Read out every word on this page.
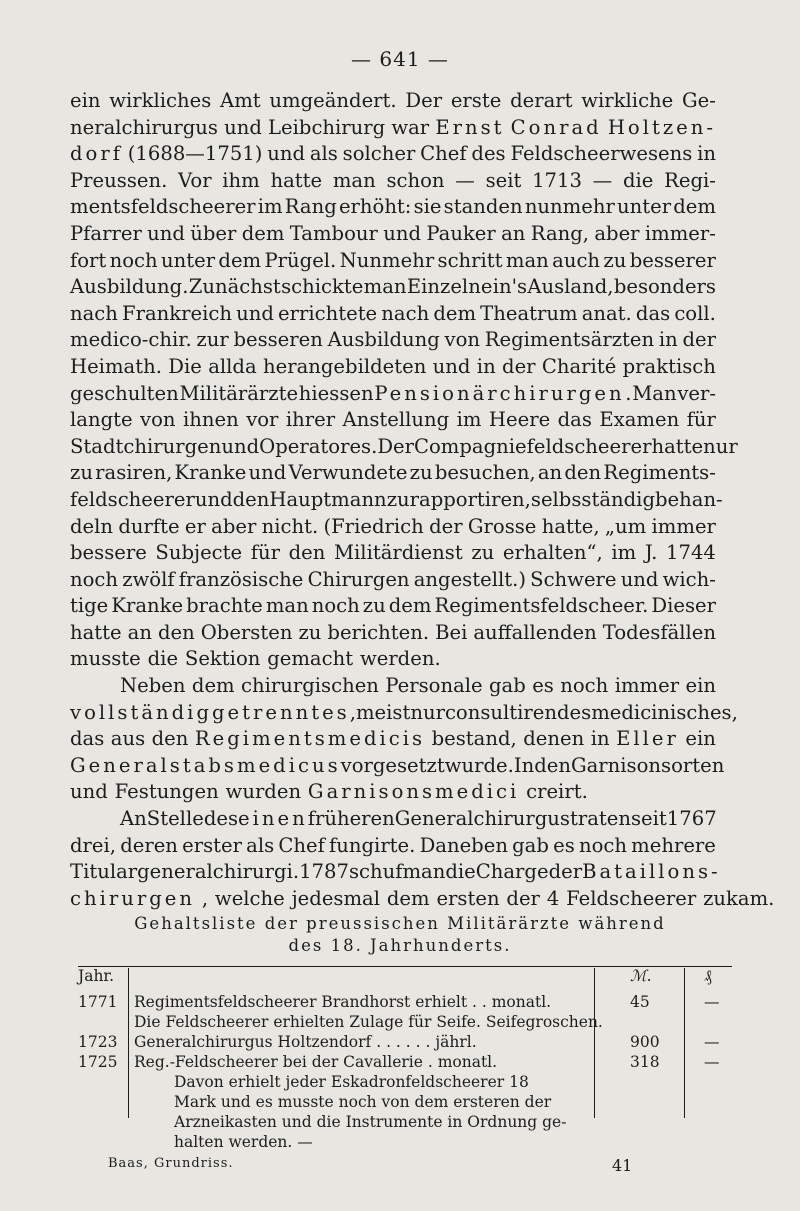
— 641 —
ein wirkliches Amt umgeändert. Der erste derart wirkliche Ge-
neralchirurgus und Leibchirurg war Ernst Conrad Holtzen-
dorf (1688—1751) und als solcher Chef des Feldscheerwesens in
Preussen. Vor ihm hatte man schon — seit 1713 — die Regi-
mentsfeldscheerer im Rang erhöht: sie standen nunmehr unter dem
Pfarrer und über dem Tambour und Pauker an Rang, aber immer-
fort noch unter dem Prügel. Nunmehr schritt man auch zu besserer
Ausbildung. Zunächst schickte man Einzelne in's Ausland, besonders
nach Frankreich und errichtete nach dem Theatrum anat. das coll.
medico-chir. zur besseren Ausbildung von Regimentsärzten in der
Heimath. Die allda herangebildeten und in der Charité praktisch
geschulten Militärärzte hiessen Pensionärchirurgen . Man ver-
langte von ihnen vor ihrer Anstellung im Heere das Examen für
Stadtchirurgen und Operatores. Der Compagniefeldscheerer hatte nur
zu rasiren, Kranke und Verwundete zu besuchen, an den Regiments-
feldscheerer und den Hauptmann zu rapportiren, selbsständig behan-
deln durfte er aber nicht. (Friedrich der Grosse hatte, „um immer
bessere Subjecte für den Militärdienst zu erhalten“, im J. 1744
noch zwölf französische Chirurgen angestellt.) Schwere und wich-
tige Kranke brachte man noch zu dem Regimentsfeldscheer. Dieser
hatte an den Obersten zu berichten. Bei auffallenden Todesfällen
musste die Sektion gemacht werden.
Neben dem chirurgischen Personale gab es noch immer ein
vollständig getrenntes , meist nur consultirendes medicinisches,
das aus den Regimentsmedicis bestand, denen in Eller ein
Generalstabsmedicus vorgesetzt wurde. In den Garnisonsorten
und Festungen wurden Garnisonsmedici creirt.
An Stelle des einen früheren Generalchirurgus traten seit 1767
drei, deren erster als Chef fungirte. Daneben gab es noch mehrere
Titulargeneralchirurgi. 1787 schuf man die Charge der Bataillons-
chirurgen , welche jedesmal dem ersten der 4 Feldscheerer zukam.
Gehaltsliste der preussischen Militärärzte während
des 18. Jahrhunderts.
Jahr.	ℳ.	₰
1771 Regimentsfeldscheerer Brandhorst erhielt . . monatl.	45	—
Die Feldscheerer erhielten Zulage für Seife. Seifegroschen.
1723 Generalchirurgus Holtzendorf . . . . . . jährl.	900	—
1725 Reg.-Feldscheerer bei der Cavallerie . monatl.	318	—
Davon erhielt jeder Eskadronfeldscheerer 18
Mark und es musste noch von dem ersteren der
Arzneikasten und die Instrumente in Ordnung ge-
halten werden. —
Baas, Grundriss.	41
